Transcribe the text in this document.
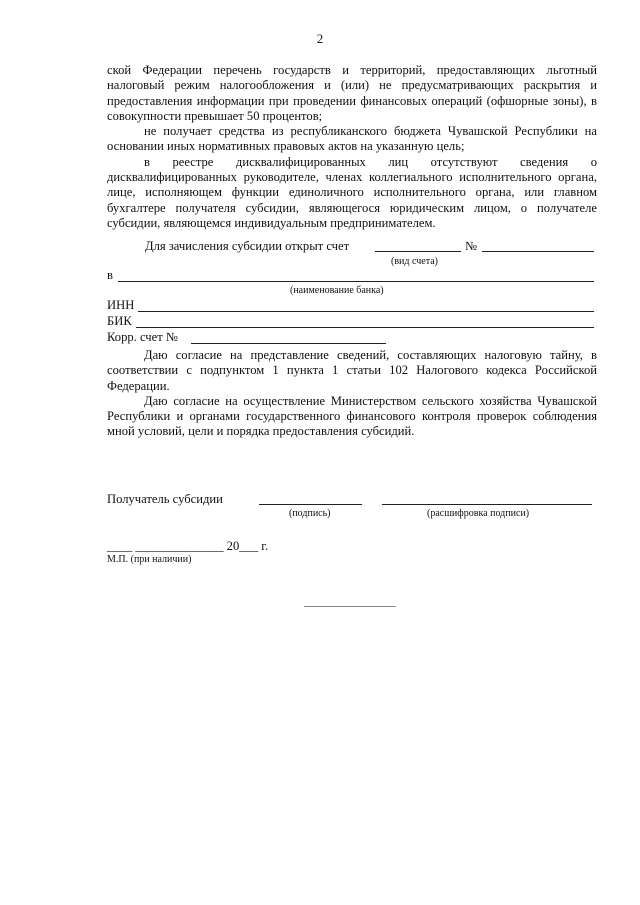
2

ской Федерации перечень государств и территорий, предоставляющих льготный налоговый режим налогообложения и (или) не предусматривающих раскрытия и предоставления информации при проведении финансовых операций (офшорные зоны), в совокупности превышает 50 процентов;

не получает средства из республиканского бюджета Чувашской Республики на основании иных нормативных правовых актов на указанную цель;

в реестре дисквалифицированных лиц отсутствуют сведения о дисквалифицированных руководителе, членах коллегиального исполнительного органа, лице, исполняющем функции единоличного исполнительного органа, или главном бухгалтере получателя субсидии, являющегося юридическим лицом, о получателе субсидии, являющемся индивидуальным предпринимателем.

Для зачисления субсидии открыт счет	№
(вид счета)
в
(наименование банка)
ИНН
БИК
Корр. счет №

Даю согласие на представление сведений, составляющих налоговую тайну, в соответствии с подпунктом 1 пункта 1 статьи 102 Налогового кодекса Российской Федерации.

Даю согласие на осуществление Министерством сельского хозяйства Чувашской Республики и органами государственного финансового контроля проверок соблюдения мной условий, цели и порядка предоставления субсидий.

Получатель субсидии
(подпись)	(расшифровка подписи)
____ ______________ 20___ г.
М.П. (при наличии)
